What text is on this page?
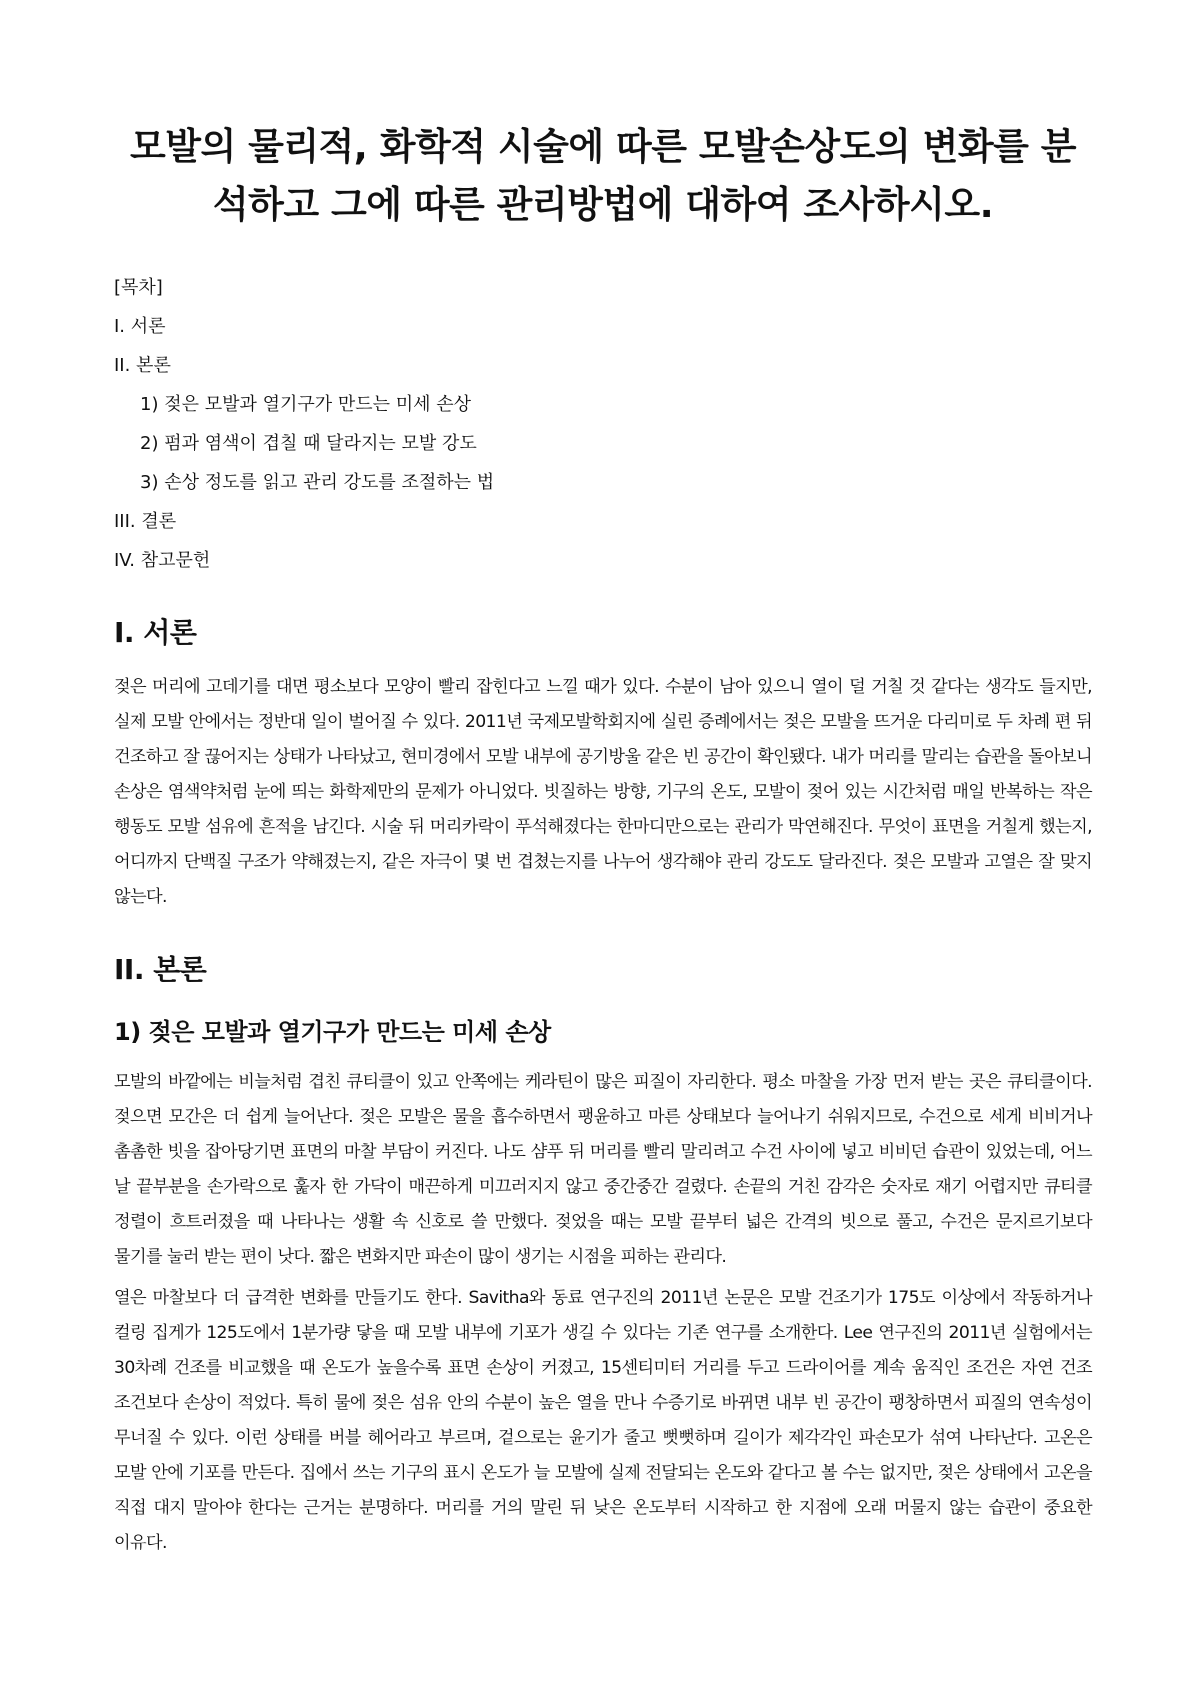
모발의 물리적, 화학적 시술에 따른 모발손상도의 변화를 분석하고 그에 따른 관리방법에 대하여 조사하시오.
[목차]
I. 서론
II. 본론
1) 젖은 모발과 열기구가 만드는 미세 손상
2) 펌과 염색이 겹칠 때 달라지는 모발 강도
3) 손상 정도를 읽고 관리 강도를 조절하는 법
III. 결론
IV. 참고문헌
I. 서론

젖은 머리에 고데기를 대면 평소보다 모양이 빨리 잡힌다고 느낄 때가 있다. 수분이 남아 있으니 열이 덜 거칠 것 같다는 생각도 들지만, 실제 모발 안에서는 정반대 일이 벌어질 수 있다. 2011년 국제모발학회지에 실린 증례에서는 젖은 모발을 뜨거운 다리미로 두 차례 편 뒤 건조하고 잘 끊어지는 상태가 나타났고, 현미경에서 모발 내부에 공기방울 같은 빈 공간이 확인됐다. 내가 머리를 말리는 습관을 돌아보니 손상은 염색약처럼 눈에 띄는 화학제만의 문제가 아니었다. 빗질하는 방향, 기구의 온도, 모발이 젖어 있는 시간처럼 매일 반복하는 작은 행동도 모발 섬유에 흔적을 남긴다. 시술 뒤 머리카락이 푸석해졌다는 한마디만으로는 관리가 막연해진다. 무엇이 표면을 거칠게 했는지, 어디까지 단백질 구조가 약해졌는지, 같은 자극이 몇 번 겹쳤는지를 나누어 생각해야 관리 강도도 달라진다. 젖은 모발과 고열은 잘 맞지 않는다.

II. 본론
1) 젖은 모발과 열기구가 만드는 미세 손상

모발의 바깥에는 비늘처럼 겹친 큐티클이 있고 안쪽에는 케라틴이 많은 피질이 자리한다. 평소 마찰을 가장 먼저 받는 곳은 큐티클이다. 젖으면 모간은 더 쉽게 늘어난다. 젖은 모발은 물을 흡수하면서 팽윤하고 마른 상태보다 늘어나기 쉬워지므로, 수건으로 세게 비비거나 촘촘한 빗을 잡아당기면 표면의 마찰 부담이 커진다. 나도 샴푸 뒤 머리를 빨리 말리려고 수건 사이에 넣고 비비던 습관이 있었는데, 어느 날 끝부분을 손가락으로 훑자 한 가닥이 매끈하게 미끄러지지 않고 중간중간 걸렸다. 손끝의 거친 감각은 숫자로 재기 어렵지만 큐티클 정렬이 흐트러졌을 때 나타나는 생활 속 신호로 쓸 만했다. 젖었을 때는 모발 끝부터 넓은 간격의 빗으로 풀고, 수건은 문지르기보다 물기를 눌러 받는 편이 낫다. 짧은 변화지만 파손이 많이 생기는 시점을 피하는 관리다.

열은 마찰보다 더 급격한 변화를 만들기도 한다. Savitha와 동료 연구진의 2011년 논문은 모발 건조기가 175도 이상에서 작동하거나 컬링 집게가 125도에서 1분가량 닿을 때 모발 내부에 기포가 생길 수 있다는 기존 연구를 소개한다. Lee 연구진의 2011년 실험에서는 30차례 건조를 비교했을 때 온도가 높을수록 표면 손상이 커졌고, 15센티미터 거리를 두고 드라이어를 계속 움직인 조건은 자연 건조 조건보다 손상이 적었다. 특히 물에 젖은 섬유 안의 수분이 높은 열을 만나 수증기로 바뀌면 내부 빈 공간이 팽창하면서 피질의 연속성이 무너질 수 있다. 이런 상태를 버블 헤어라고 부르며, 겉으로는 윤기가 줄고 뻣뻣하며 길이가 제각각인 파손모가 섞여 나타난다. 고온은 모발 안에 기포를 만든다. 집에서 쓰는 기구의 표시 온도가 늘 모발에 실제 전달되는 온도와 같다고 볼 수는 없지만, 젖은 상태에서 고온을 직접 대지 말아야 한다는 근거는 분명하다. 머리를 거의 말린 뒤 낮은 온도부터 시작하고 한 지점에 오래 머물지 않는 습관이 중요한 이유다.
